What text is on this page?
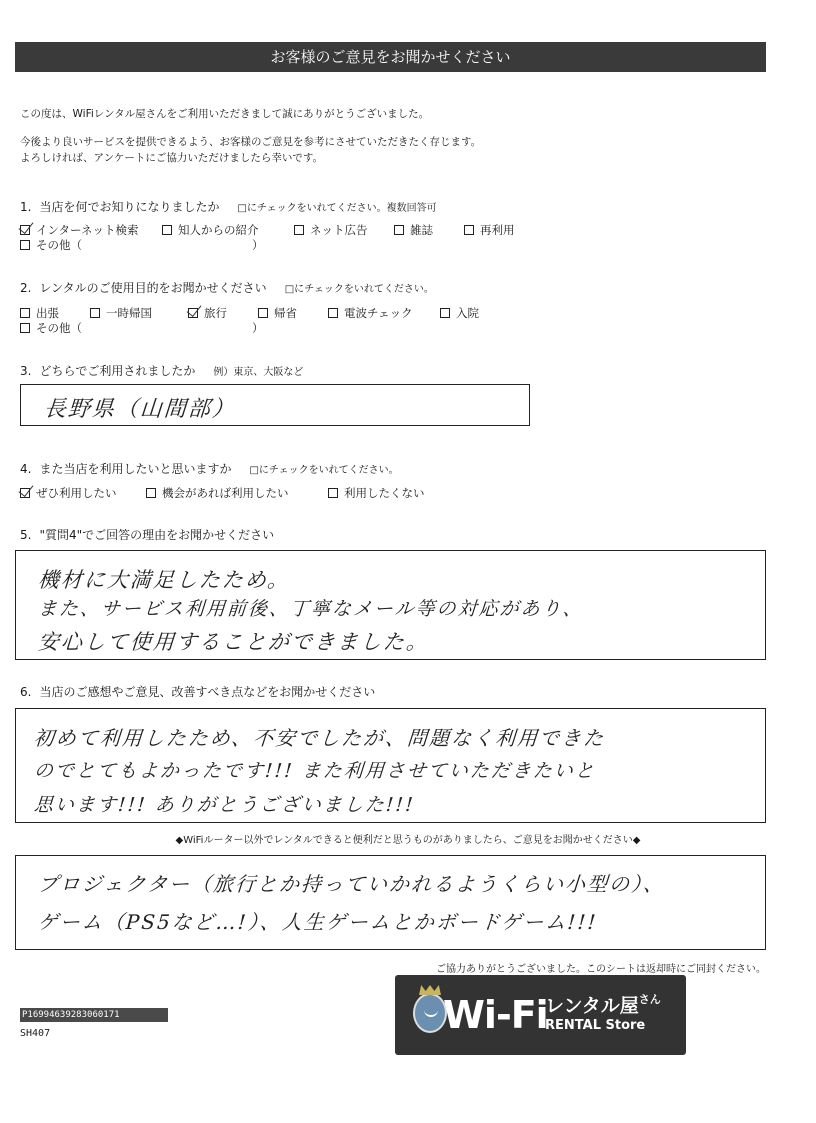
お客様のご意見をお聞かせください
この度は、WiFiレンタル屋さんをご利用いただきまして誠にありがとうございました。
今後より良いサービスを提供できるよう、お客様のご意見を参考にさせていただきたく存じます。
よろしければ、アンケートにご協力いただけましたら幸いです。
1. 当店を何でお知りになりましたか □にチェックをいれてください。複数回答可
インターネット検索	知人からの紹介	ネット広告	雑誌	再利用
その他（	）
2. レンタルのご使用目的をお聞かせください □にチェックをいれてください。
出張	一時帰国	旅行	帰省	電波チェック	入院
その他（	）
3. どちらでご利用されましたか 例）東京、大阪など
長野県（山間部）
4. また当店を利用したいと思いますか □にチェックをいれてください。
ぜひ利用したい	機会があれば利用したい	利用したくない
5. "質問4"でご回答の理由をお聞かせください
機材に大満足したため。
また、サービス利用前後、丁寧なメール等の対応があり、
安心して使用することができました。
6. 当店のご感想やご意見、改善すべき点などをお聞かせください
初めて利用したため、不安でしたが、問題なく利用できた
のでとてもよかったです!!! また利用させていただきたいと
思います!!! ありがとうございました!!!
◆WiFiルーター以外でレンタルできると便利だと思うものがありましたら、ご意見をお聞かせください◆
プロジェクター（旅行とか持っていかれるようくらい小型の）、
ゲーム（PS5など…!）、人生ゲームとかボードゲーム!!!
ご協力ありがとうございました。このシートは返却時にご同封ください。
Wi-Fi
レンタル屋$^{さん}$
RENTAL Store
P1699463928306017​1
SH407
